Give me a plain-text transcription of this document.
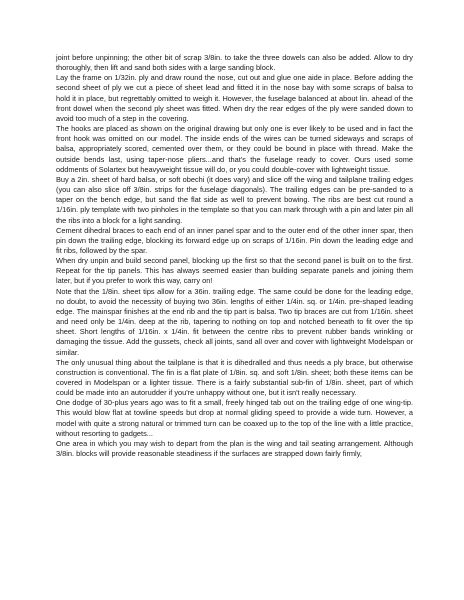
joint before unpinning; the other bit of scrap 3/8in. to take the three dowels can also be added. Allow to dry thoroughly, then lift and sand both sides with a large sanding block.

Lay the frame on 1/32in. ply and draw round the nose, cut out and glue one aide in place. Before adding the second sheet of ply we cut a piece of sheet lead and fitted it in the nose bay with some scraps of balsa to hold it in place, but regrettably omitted to weigh it. However, the fuselage balanced at about lin. ahead of the front dowel when the second ply sheet was fitted. When dry the rear edges of the ply were sanded down to avoid too much of a step in the covering.

The hooks are placed as shown on the original drawing but only one is ever likely to be used and in fact the front hook was omitted on our model. The inside ends of the wires can be turned sideways and scraps of balsa, appropriately scored, cemented over them, or they could be bound in place with thread. Make the outside bends last, using taper-nose pliers...and that's the fuselage ready to cover. Ours used some oddments of Solartex but heavyweight tissue will do, or you could double-cover with lightweight tissue.

Buy a 2in. sheet of hard balsa, or soft obechi (it does vary) and slice off the wing and tailplane trailing edges (you can also slice off 3/8in. strips for the fuselage diagonals). The trailing edges can be pre-sanded to a taper on the bench edge, but sand the flat side as well to prevent bowing. The ribs are best cut round a 1/16in. ply template with two pinholes in the template so that you can mark through with a pin and later pin all the ribs into a block for a light sanding.

Cement dihedral braces to each end of an inner panel spar and to the outer end of the other inner spar, then pin down the trailing edge, blocking its forward edge up on scraps of 1/16in. Pin down the leading edge and fit ribs, followed by the spar.

When dry unpin and build second panel, blocking up the first so that the second panel is built on to the first. Repeat for the tip panels. This has always seemed easier than building separate panels and joining them later, but if you prefer to work this way, carry on!

Note that the 1/8in. sheet tips allow for a 36in. trailing edge. The same could be done for the leading edge, no doubt, to avoid the necessity of buying two 36in. lengths of either 1/4in. sq. or 1/4in. pre-shaped leading edge. The mainspar finishes at the end rib and the tip part is balsa. Two tip braces are cut from 1/16in. sheet and need only be 1/4in. deep at the rib, tapering to nothing on top and notched beneath to fit over the tip sheet. Short lengths of 1/16in. x 1/4in. fit between the centre ribs to prevent rubber bands wrinkling or damaging the tissue. Add the gussets, check all joints, sand all over and cover with lightweight Modelspan or similar.

The only unusual thing about the tailplane is that it is dihedralled and thus needs a ply brace, but otherwise construction is conventional. The fin is a flat plate of 1/8in. sq. and soft 1/8in. sheet; both these items can be covered in Modelspan or a lighter tissue. There is a fairly substantial sub-fin of 1/8in. sheet, part of which could be made into an autorudder if you're unhappy without one, but it isn't really necessary.

One dodge of 30-plus years ago was to fit a small, freely hinged tab out on the trailing edge of one wing-tip. This would blow flat at towline speeds but drop at normal gliding speed to provide a wide turn. However, a model with quite a strong natural or trimmed turn can be coaxed up to the top of the line with a little practice, without resorting to gadgets...

One area in which you may wish to depart from the plan is the wing and tail seating arrangement. Although 3/8in. blocks will provide reasonable steadiness if the surfaces are strapped down fairly firmly,
